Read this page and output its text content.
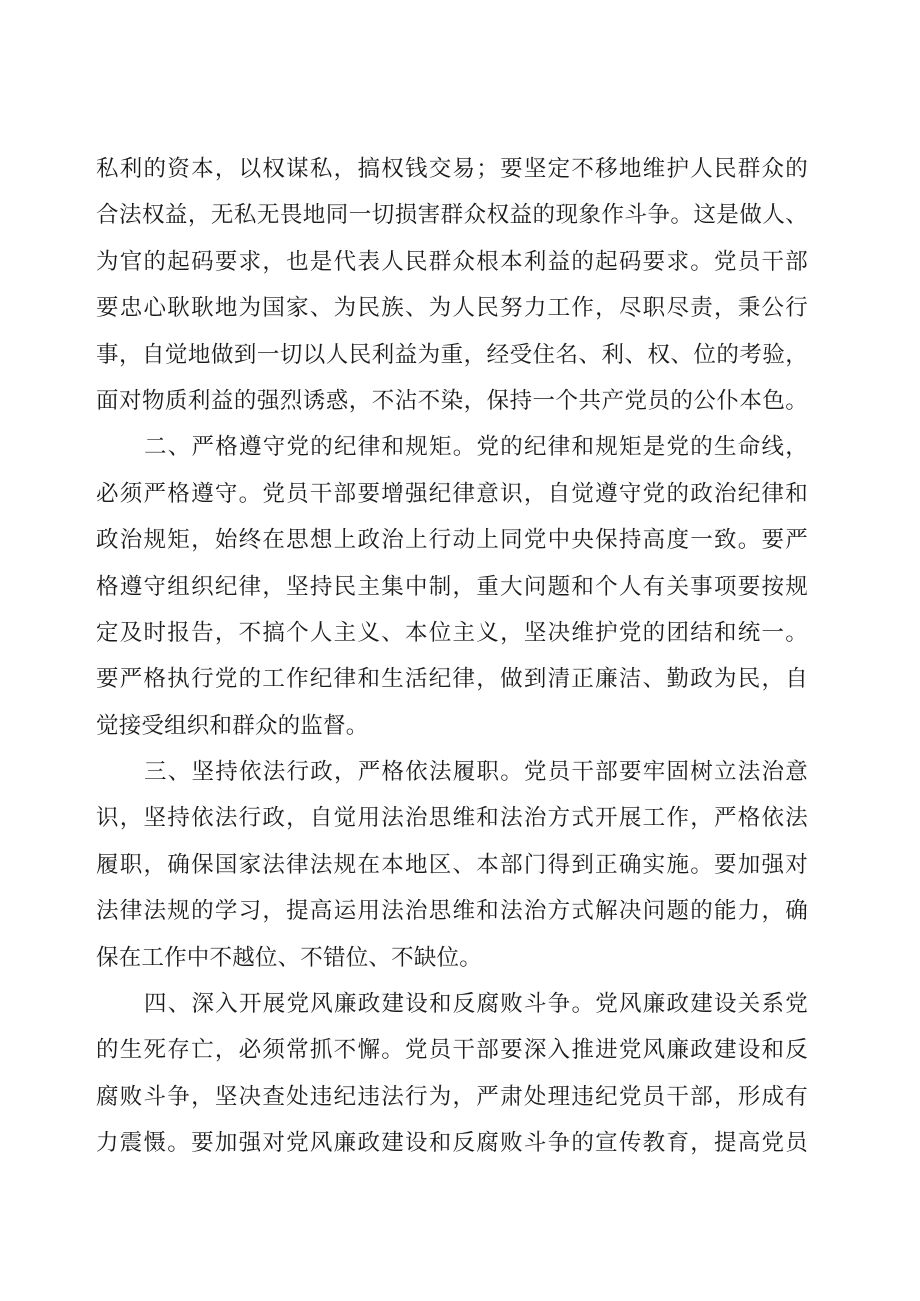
私利的资本，以权谋私，搞权钱交易；要坚定不移地维护人民群众的
合法权益，无私无畏地同一切损害群众权益的现象作斗争。这是做人、
为官的起码要求，也是代表人民群众根本利益的起码要求。党员干部
要忠心耿耿地为国家、为民族、为人民努力工作，尽职尽责，秉公行
事，自觉地做到一切以人民利益为重，经受住名、利、权、位的考验，
面对物质利益的强烈诱惑，不沾不染，保持一个共产党员的公仆本色。
二、严格遵守党的纪律和规矩。党的纪律和规矩是党的生命线，
必须严格遵守。党员干部要增强纪律意识，自觉遵守党的政治纪律和
政治规矩，始终在思想上政治上行动上同党中央保持高度一致。要严
格遵守组织纪律，坚持民主集中制，重大问题和个人有关事项要按规
定及时报告，不搞个人主义、本位主义，坚决维护党的团结和统一。
要严格执行党的工作纪律和生活纪律，做到清正廉洁、勤政为民，自
觉接受组织和群众的监督。
三、坚持依法行政，严格依法履职。党员干部要牢固树立法治意
识，坚持依法行政，自觉用法治思维和法治方式开展工作，严格依法
履职，确保国家法律法规在本地区、本部门得到正确实施。要加强对
法律法规的学习，提高运用法治思维和法治方式解决问题的能力，确
保在工作中不越位、不错位、不缺位。
四、深入开展党风廉政建设和反腐败斗争。党风廉政建设关系党
的生死存亡，必须常抓不懈。党员干部要深入推进党风廉政建设和反
腐败斗争，坚决查处违纪违法行为，严肃处理违纪党员干部，形成有
力震慑。要加强对党风廉政建设和反腐败斗争的宣传教育，提高党员
